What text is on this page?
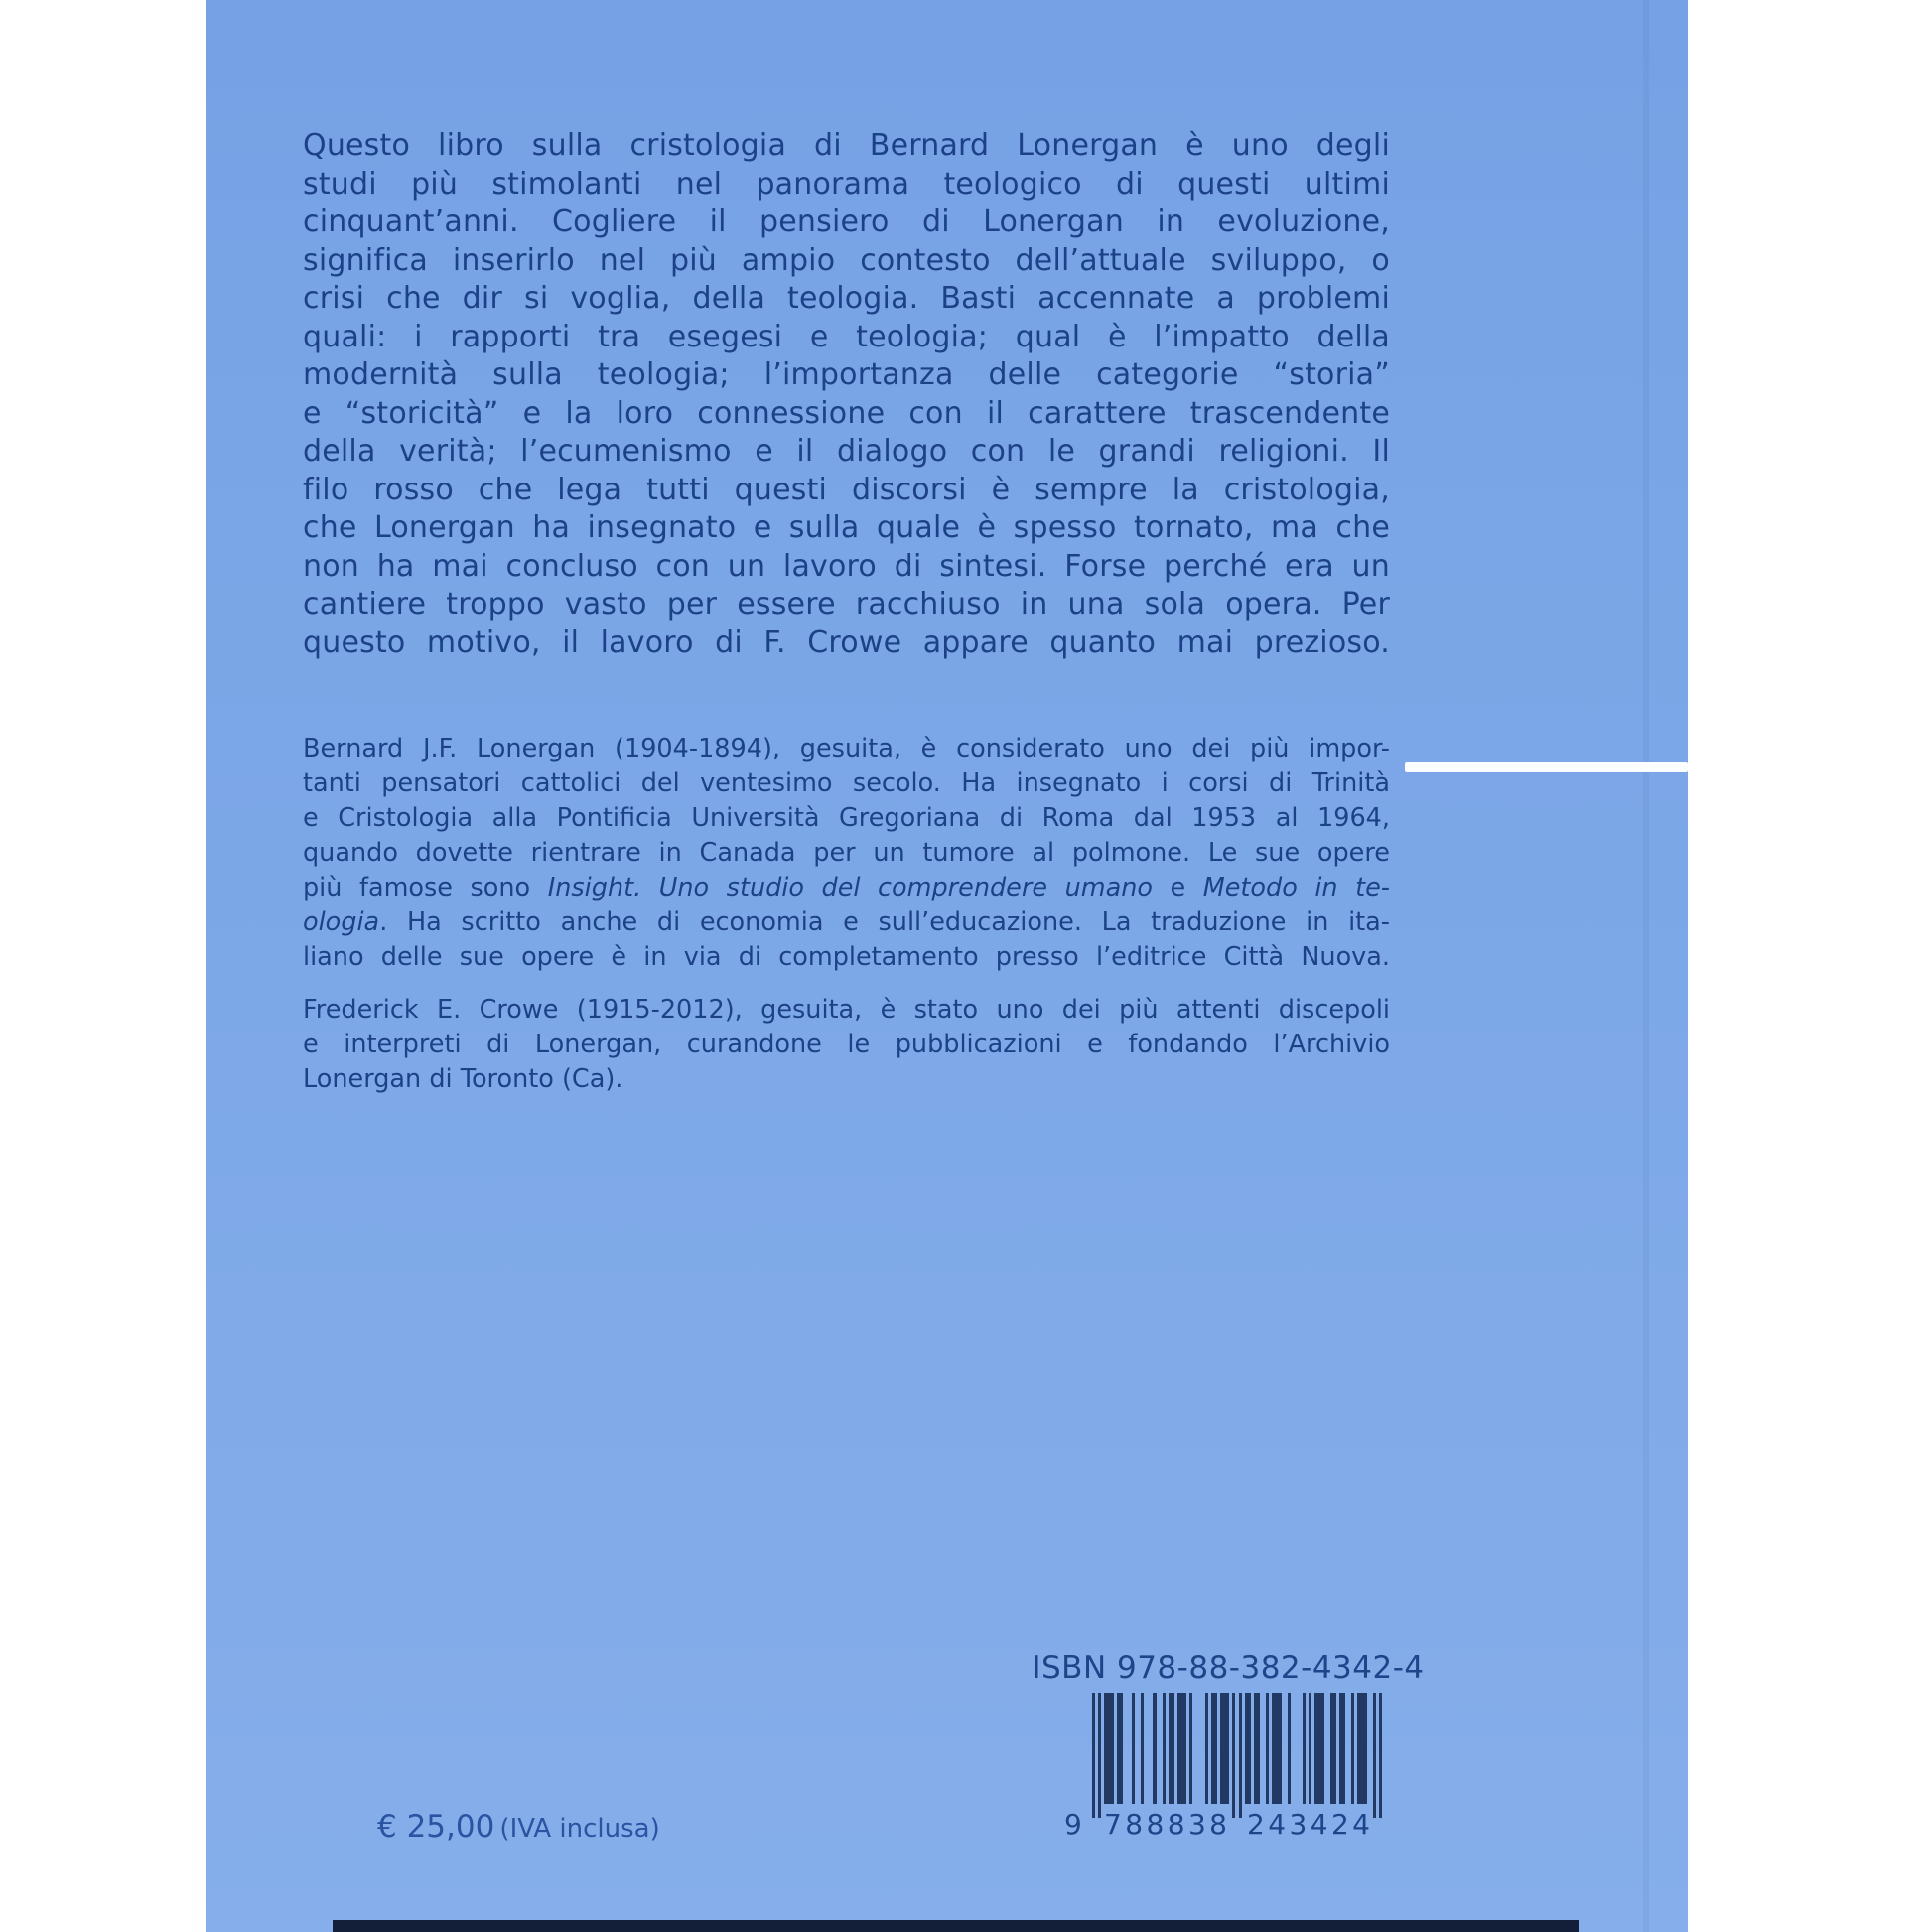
Questo libro sulla cristologia di Bernard Lonergan è uno degli
studi più stimolanti nel panorama teologico di questi ultimi
cinquant’anni. Cogliere il pensiero di Lonergan in evoluzione,
significa inserirlo nel più ampio contesto dell’attuale sviluppo, o
crisi che dir si voglia, della teologia. Basti accennate a problemi
quali: i rapporti tra esegesi e teologia; qual è l’impatto della
modernità sulla teologia; l’importanza delle categorie “storia”
e “storicità” e la loro connessione con il carattere trascendente
della verità; l’ecumenismo e il dialogo con le grandi religioni. Il
filo rosso che lega tutti questi discorsi è sempre la cristologia,
che Lonergan ha insegnato e sulla quale è spesso tornato, ma che
non ha mai concluso con un lavoro di sintesi. Forse perché era un
cantiere troppo vasto per essere racchiuso in una sola opera. Per
questo motivo, il lavoro di F. Crowe appare quanto mai prezioso.
Bernard J.F. Lonergan (1904-1894), gesuita, è considerato uno dei più impor-
tanti pensatori cattolici del ventesimo secolo. Ha insegnato i corsi di Trinità
e Cristologia alla Pontificia Università Gregoriana di Roma dal 1953 al 1964,
quando dovette rientrare in Canada per un tumore al polmone. Le sue opere
più famose sono Insight. Uno studio del comprendere umano e Metodo in te-
ologia. Ha scritto anche di economia e sull’educazione. La traduzione in ita-
liano delle sue opere è in via di completamento presso l’editrice Città Nuova.
Frederick E. Crowe (1915-2012), gesuita, è stato uno dei più attenti discepoli
e interpreti di Lonergan, curandone le pubblicazioni e fondando l’Archivio
Lonergan di Toronto (Ca).
ISBN 978-88-382-4342-4
9 7 8 8 8 3 8 2 4 3 4 2 4
€ 25,00 (IVA inclusa)
